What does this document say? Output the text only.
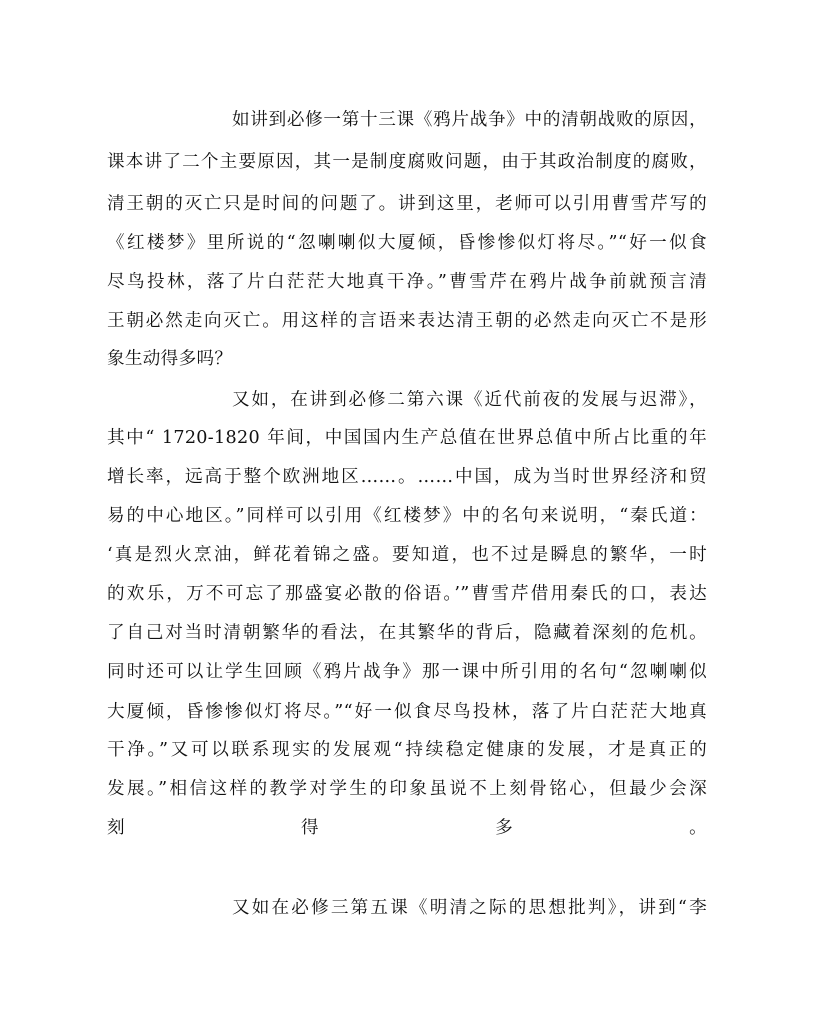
如讲到必修一第十三课《鸦片战争》中的清朝战败的原因，
课本讲了二个主要原因，其一是制度腐败问题，由于其政治制度的腐败，
清王朝的灭亡只是时间的问题了。讲到这里，老师可以引用曹雪芹写的
《红楼梦》里所说的“忽喇喇似大厦倾，昏惨惨似灯将尽。”“好一似食
尽鸟投林，落了片白茫茫大地真干净。”曹雪芹在鸦片战争前就预言清
王朝必然走向灭亡。用这样的言语来表达清王朝的必然走向灭亡不是形
象生动得多吗？
又如，在讲到必修二第六课《近代前夜的发展与迟滞》，
其中“ 1720-1820 年间，中国国内生产总值在世界总值中所占比重的年
增长率，远高于整个欧洲地区……。……中国，成为当时世界经济和贸
易的中心地区。”同样可以引用《红楼梦》中的名句来说明，“秦氏道：
‘真是烈火烹油，鲜花着锦之盛。要知道，也不过是瞬息的繁华，一时
的欢乐，万不可忘了那盛宴必散的俗语。’”曹雪芹借用秦氏的口，表达
了自己对当时清朝繁华的看法，在其繁华的背后，隐藏着深刻的危机。
同时还可以让学生回顾《鸦片战争》那一课中所引用的名句“忽喇喇似
大厦倾，昏惨惨似灯将尽。”“好一似食尽鸟投林，落了片白茫茫大地真
干净。”又可以联系现实的发展观“持续稳定健康的发展，才是真正的
发展。”相信这样的教学对学生的印象虽说不上刻骨铭心，但最少会深
刻得多。
又如在必修三第五课《明清之际的思想批判》，讲到“李
